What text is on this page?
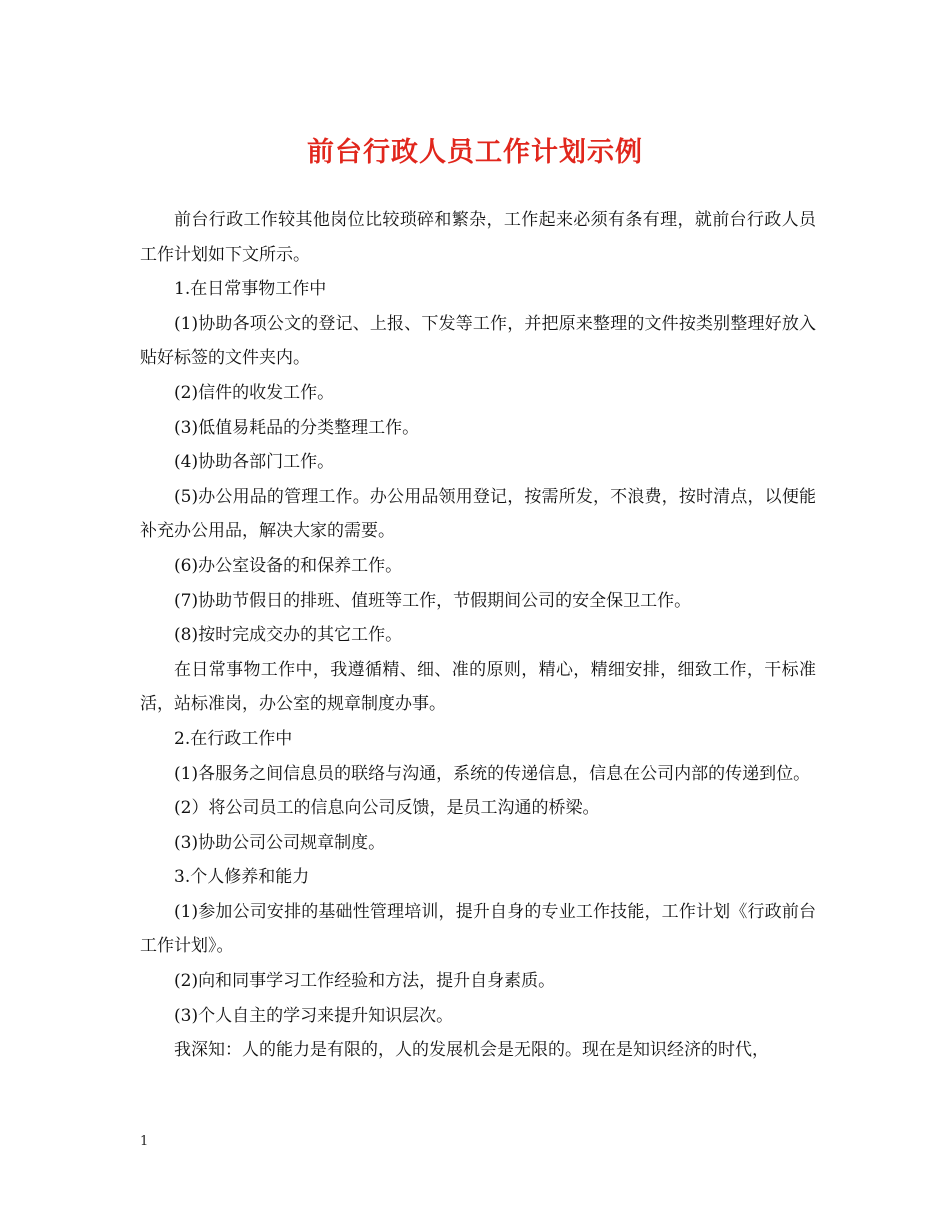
前台行政人员工作计划示例

前台行政工作较其他岗位比较琐碎和繁杂，工作起来必须有条有理，就前台行政人员工作计划如下文所示。

1.在日常事物工作中

(1)协助各项公文的登记、上报、下发等工作，并把原来整理的文件按类别整理好放入贴好标签的文件夹内。

(2)信件的收发工作。

(3)低值易耗品的分类整理工作。

(4)协助各部门工作。

(5)办公用品的管理工作。办公用品领用登记，按需所发，不浪费，按时清点，以便能补充办公用品，解决大家的需要。

(6)办公室设备的和保养工作。

(7)协助节假日的排班、值班等工作，节假期间公司的安全保卫工作。

(8)按时完成交办的其它工作。

在日常事物工作中，我遵循精、细、准的原则，精心，精细安排，细致工作，干标准活，站标准岗，办公室的规章制度办事。

2.在行政工作中

(1)各服务之间信息员的联络与沟通，系统的传递信息，信息在公司内部的传递到位。

(2）将公司员工的信息向公司反馈，是员工沟通的桥梁。

(3)协助公司公司规章制度。

3.个人修养和能力

(1)参加公司安排的基础性管理培训，提升自身的专业工作技能，工作计划《行政前台工作计划》。

(2)向和同事学习工作经验和方法，提升自身素质。

(3)个人自主的学习来提升知识层次。

我深知：人的能力是有限的，人的发展机会是无限的。现在是知识经济的时代，

1
